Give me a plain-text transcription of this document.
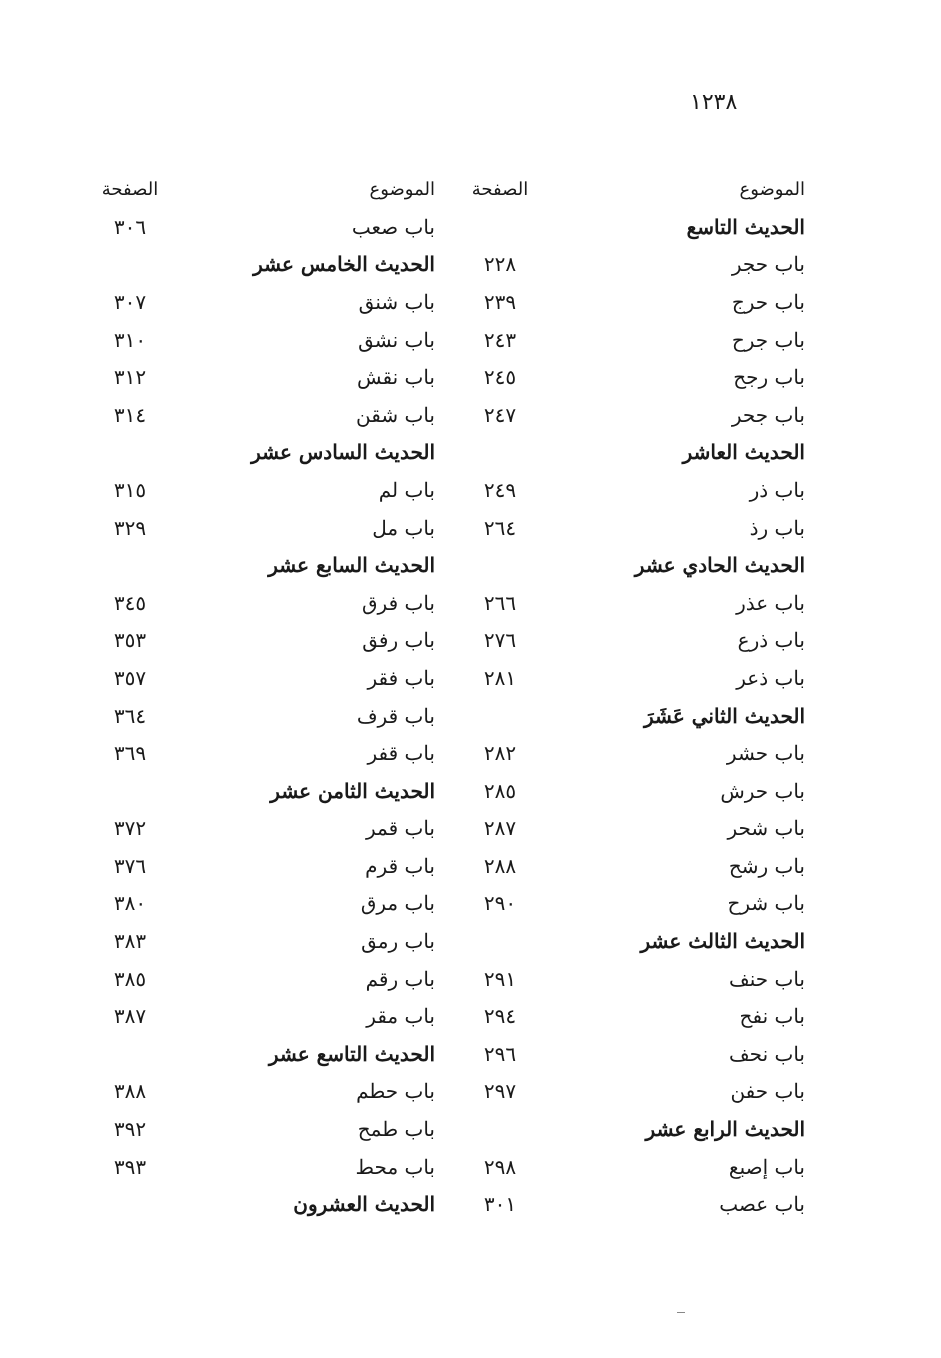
١٢٣٨
الموضوع
الصفحة
الحديث التاسع
باب حجر
٢٢٨
باب حرج
٢٣٩
باب جرح
٢٤٣
باب رجح
٢٤٥
باب جحر
٢٤٧
الحديث العاشر
باب ذر
٢٤٩
باب رذ
٢٦٤
الحديث الحادي عشر
باب عذر
٢٦٦
باب ذرع
٢٧٦
باب ذعر
٢٨١
الحديث الثاني عَشَرَ
باب حشر
٢٨٢
باب حرش
٢٨٥
باب شحر
٢٨٧
باب رشح
٢٨٨
باب شرح
٢٩٠
الحديث الثالث عشر
باب حنف
٢٩١
باب نفح
٢٩٤
باب نحف
٢٩٦
باب حفن
٢٩٧
الحديث الرابع عشر
باب إصبع
٢٩٨
باب عصب
٣٠١
الموضوع
الصفحة
باب صعب
٣٠٦
الحديث الخامس عشر
باب شنق
٣٠٧
باب نشق
٣١٠
باب نقش
٣١٢
باب شقن
٣١٤
الحديث السادس عشر
باب لم
٣١٥
باب مل
٣٢٩
الحديث السابع عشر
باب فرق
٣٤٥
باب رفق
٣٥٣
باب فقر
٣٥٧
باب قرف
٣٦٤
باب قفر
٣٦٩
الحديث الثامن عشر
باب قمر
٣٧٢
باب قرم
٣٧٦
باب مرق
٣٨٠
باب رمق
٣٨٣
باب رقم
٣٨٥
باب مقر
٣٨٧
الحديث التاسع عشر
باب حطم
٣٨٨
باب طمح
٣٩٢
باب محط
٣٩٣
الحديث العشرون
